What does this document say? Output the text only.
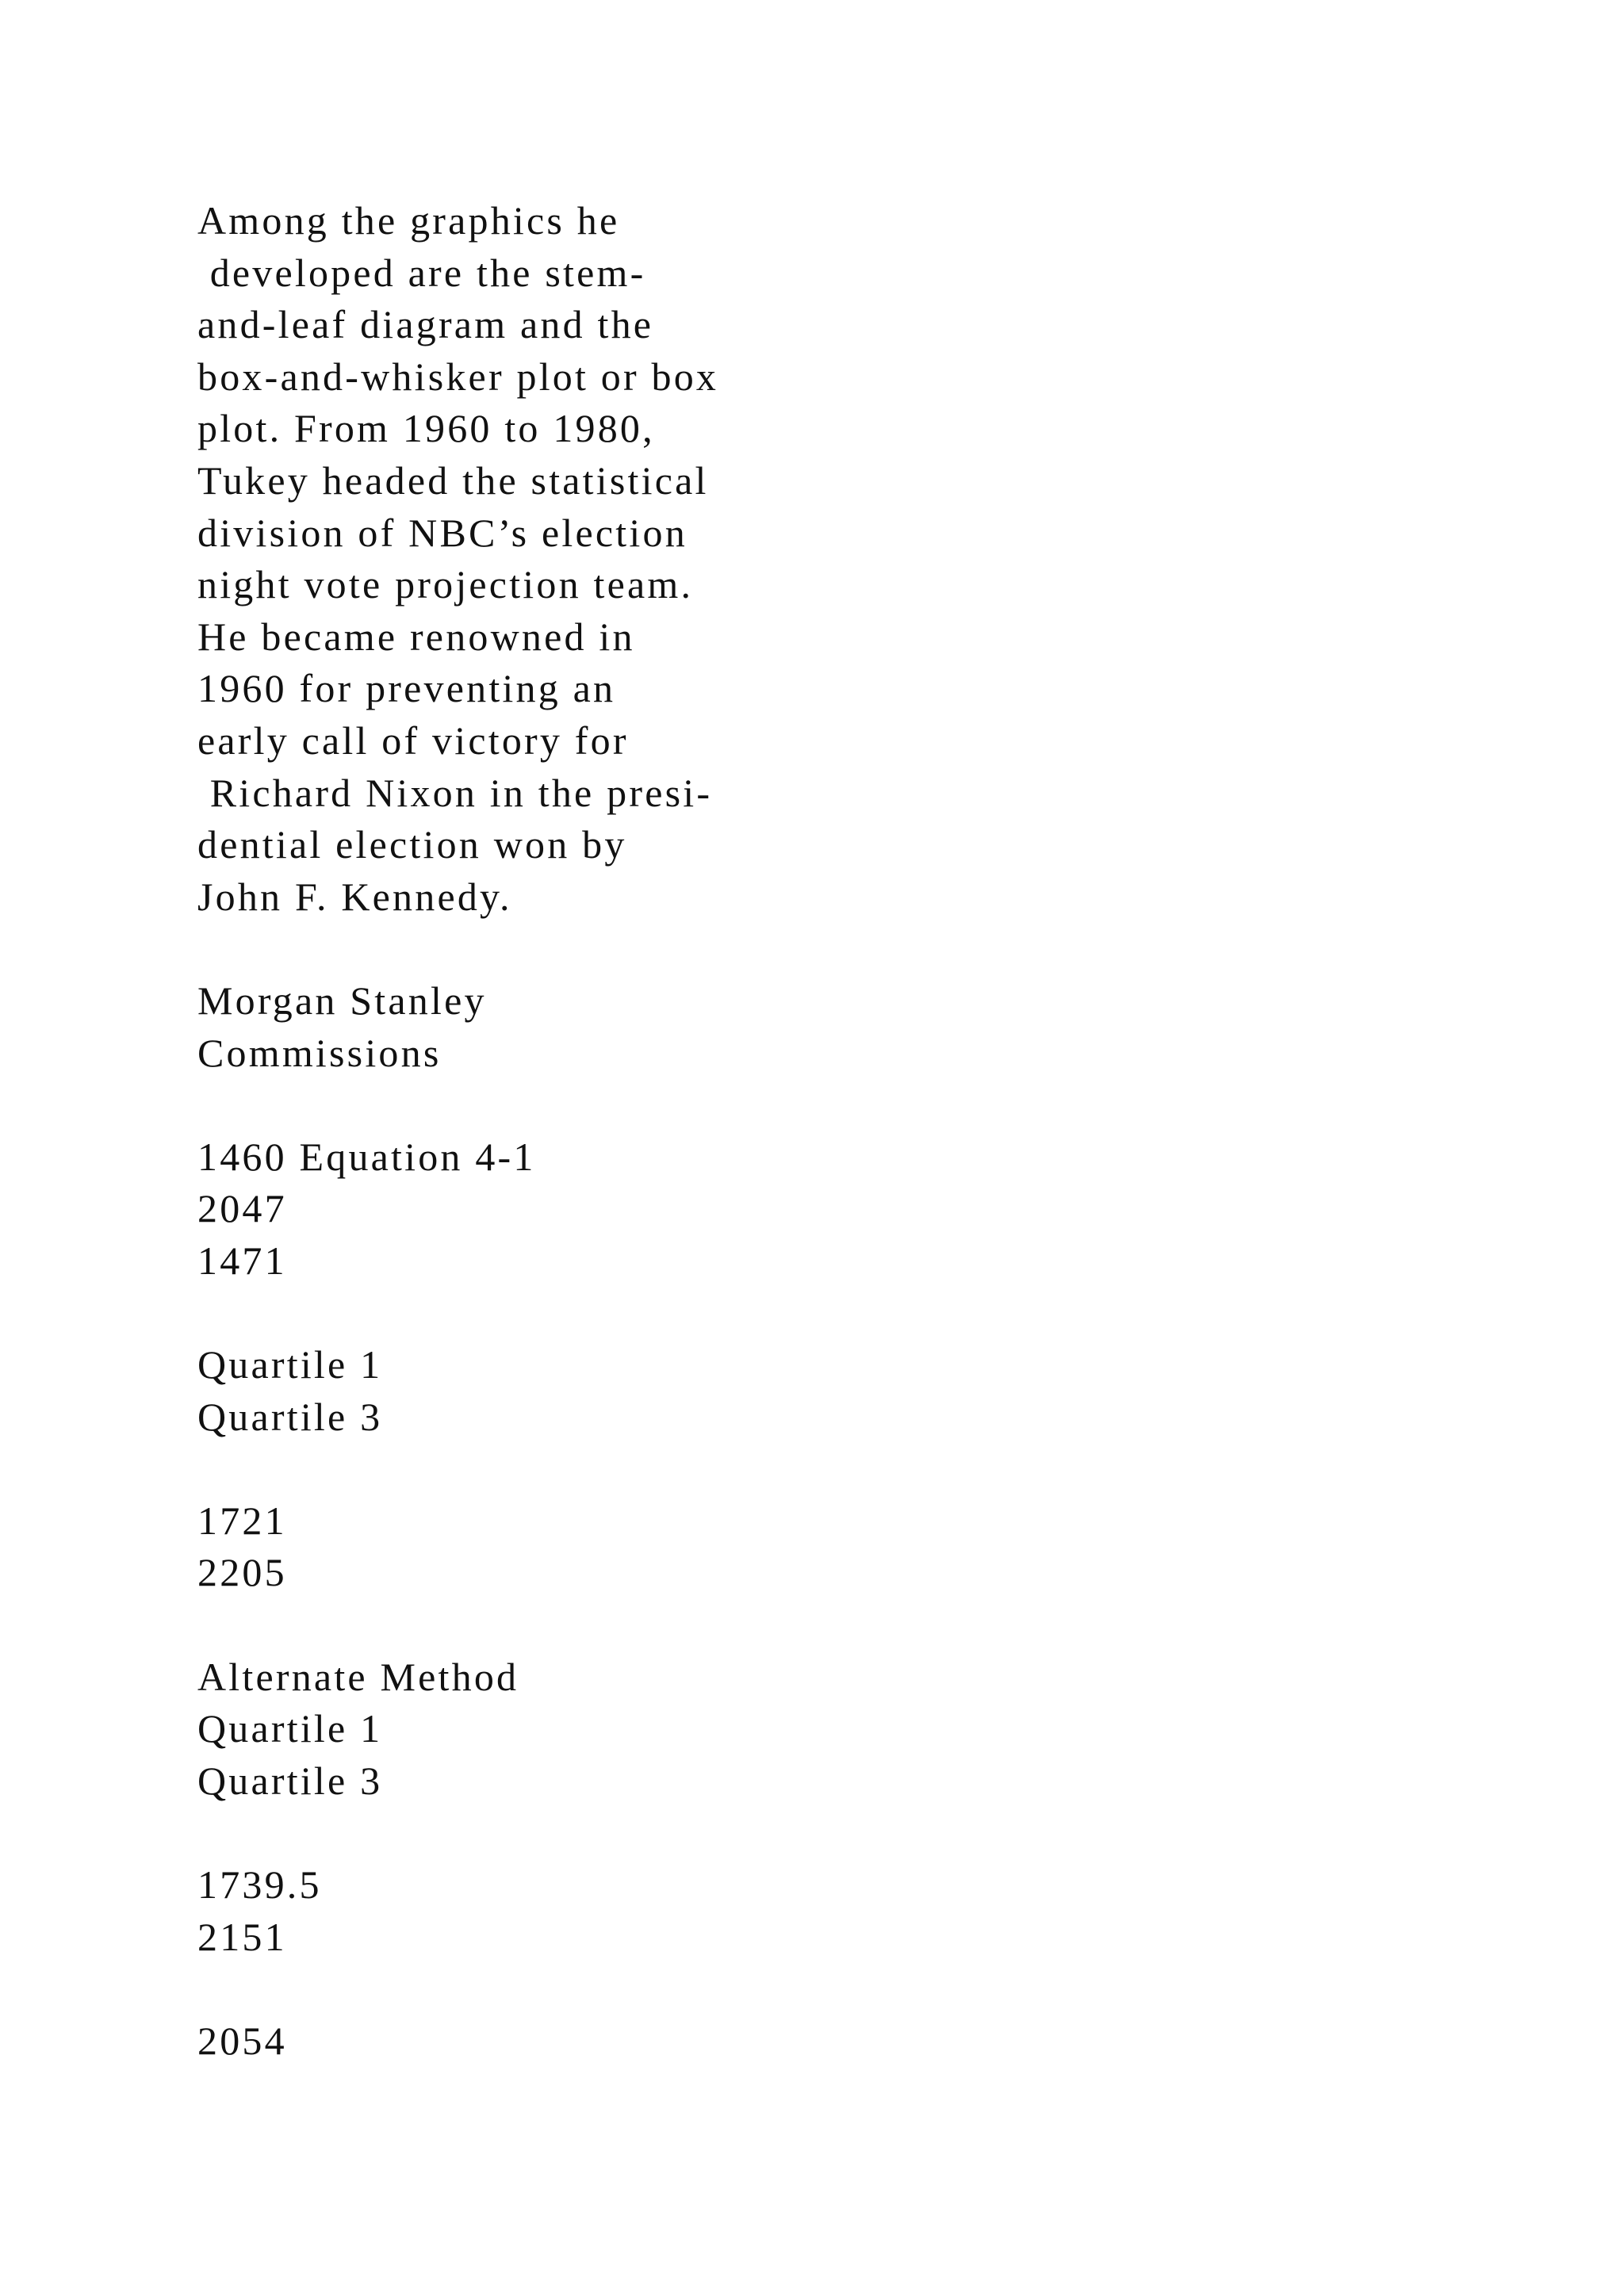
Among the graphics he
developed are the stem-
and-leaf diagram and the
box-and-whisker plot or box
plot. From 1960 to 1980,
Tukey headed the statistical
division of NBC’s election
night vote projection team.
He became renowned in
1960 for preventing an
early call of victory for
Richard Nixon in the presi-
dential election won by
John F. Kennedy.
Morgan Stanley
Commissions
1460 Equation 4-1
2047
1471
Quartile 1
Quartile 3
1721
2205
Alternate Method
Quartile 1
Quartile 3
1739.5
2151
2054
